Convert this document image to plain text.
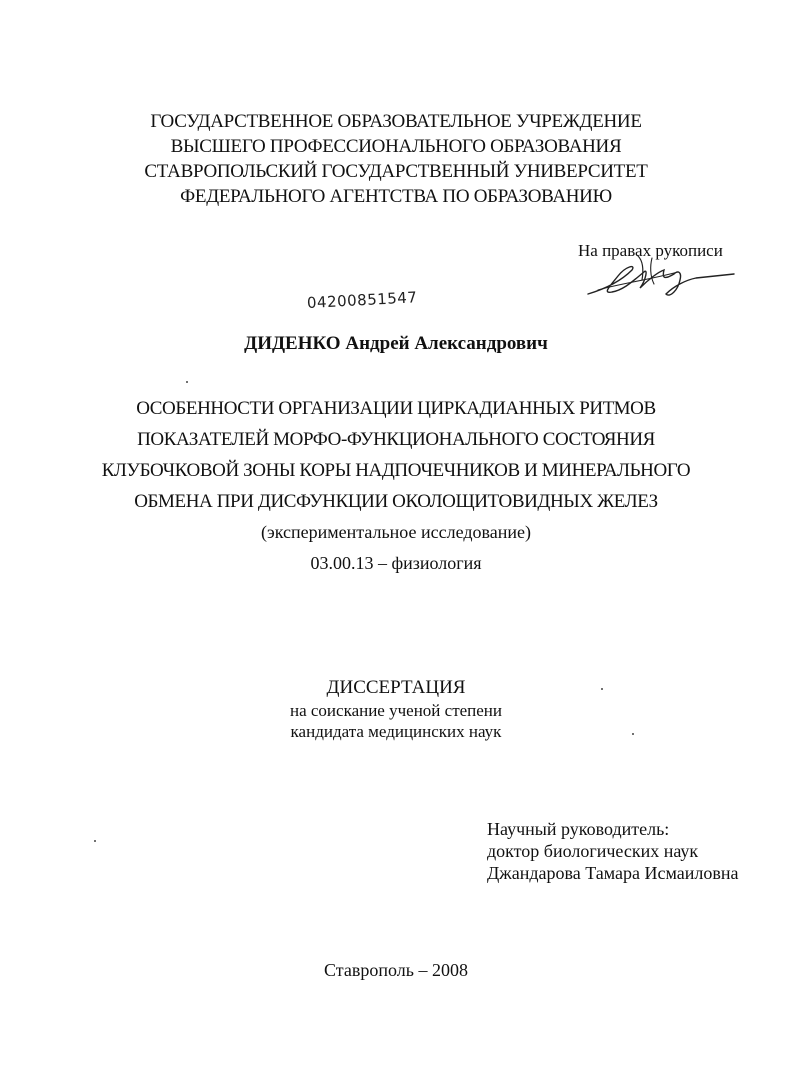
ГОСУДАРСТВЕННОЕ ОБРАЗОВАТЕЛЬНОЕ УЧРЕЖДЕНИЕ
ВЫСШЕГО ПРОФЕССИОНАЛЬНОГО ОБРАЗОВАНИЯ
СТАВРОПОЛЬСКИЙ ГОСУДАРСТВЕННЫЙ УНИВЕРСИТЕТ
ФЕДЕРАЛЬНОГО АГЕНТСТВА ПО ОБРАЗОВАНИЮ
На правах рукописи
04200851547
ДИДЕНКО Андрей Александрович
ОСОБЕННОСТИ ОРГАНИЗАЦИИ ЦИРКАДИАННЫХ РИТМОВ
ПОКАЗАТЕЛЕЙ МОРФО-ФУНКЦИОНАЛЬНОГО СОСТОЯНИЯ
КЛУБОЧКОВОЙ ЗОНЫ КОРЫ НАДПОЧЕЧНИКОВ И МИНЕРАЛЬНОГО
ОБМЕНА ПРИ ДИСФУНКЦИИ ОКОЛОЩИТОВИДНЫХ ЖЕЛЕЗ
(экспериментальное исследование)
03.00.13 – физиология
ДИССЕРТАЦИЯ
на соискание ученой степени
кандидата медицинских наук
Научный руководитель:
доктор биологических наук
Джандарова Тамара Исмаиловна
Ставрополь – 2008
